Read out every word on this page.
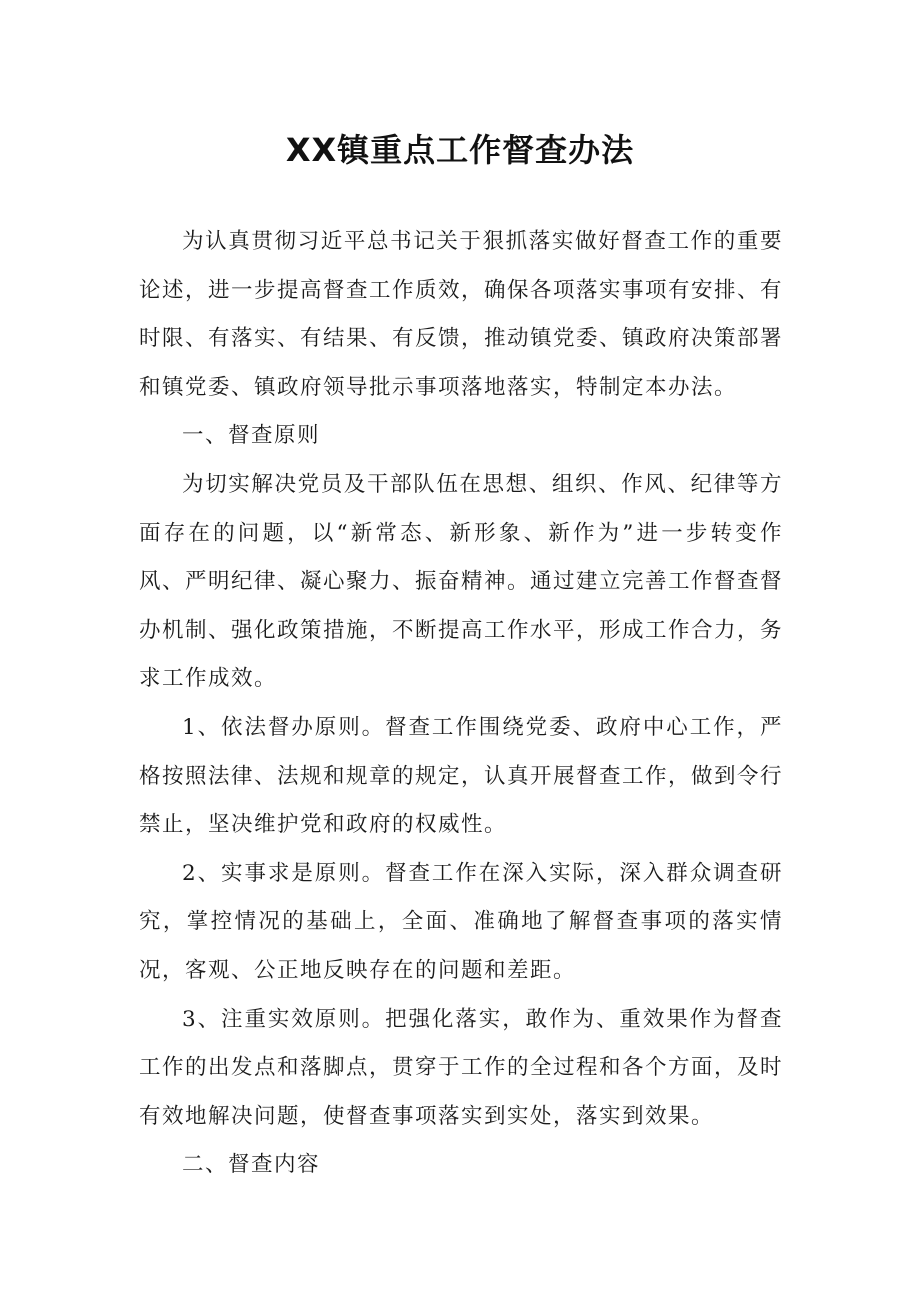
XX镇重点工作督查办法

为认真贯彻习近平总书记关于狠抓落实做好督查工作的重要论述，进一步提高督查工作质效，确保各项落实事项有安排、有时限、有落实、有结果、有反馈，推动镇党委、镇政府决策部署和镇党委、镇政府领导批示事项落地落实，特制定本办法。

一、督查原则

为切实解决党员及干部队伍在思想、组织、作风、纪律等方面存在的问题，以“新常态、新形象、新作为”进一步转变作风、严明纪律、凝心聚力、振奋精神。通过建立完善工作督查督办机制、强化政策措施，不断提高工作水平，形成工作合力，务求工作成效。

1、依法督办原则。督查工作围绕党委、政府中心工作，严格按照法律、法规和规章的规定，认真开展督查工作，做到令行禁止，坚决维护党和政府的权威性。

2、实事求是原则。督查工作在深入实际，深入群众调查研究，掌控情况的基础上，全面、准确地了解督查事项的落实情况，客观、公正地反映存在的问题和差距。

3、注重实效原则。把强化落实，敢作为、重效果作为督查工作的出发点和落脚点，贯穿于工作的全过程和各个方面，及时有效地解决问题，使督查事项落实到实处，落实到效果。

二、督查内容
